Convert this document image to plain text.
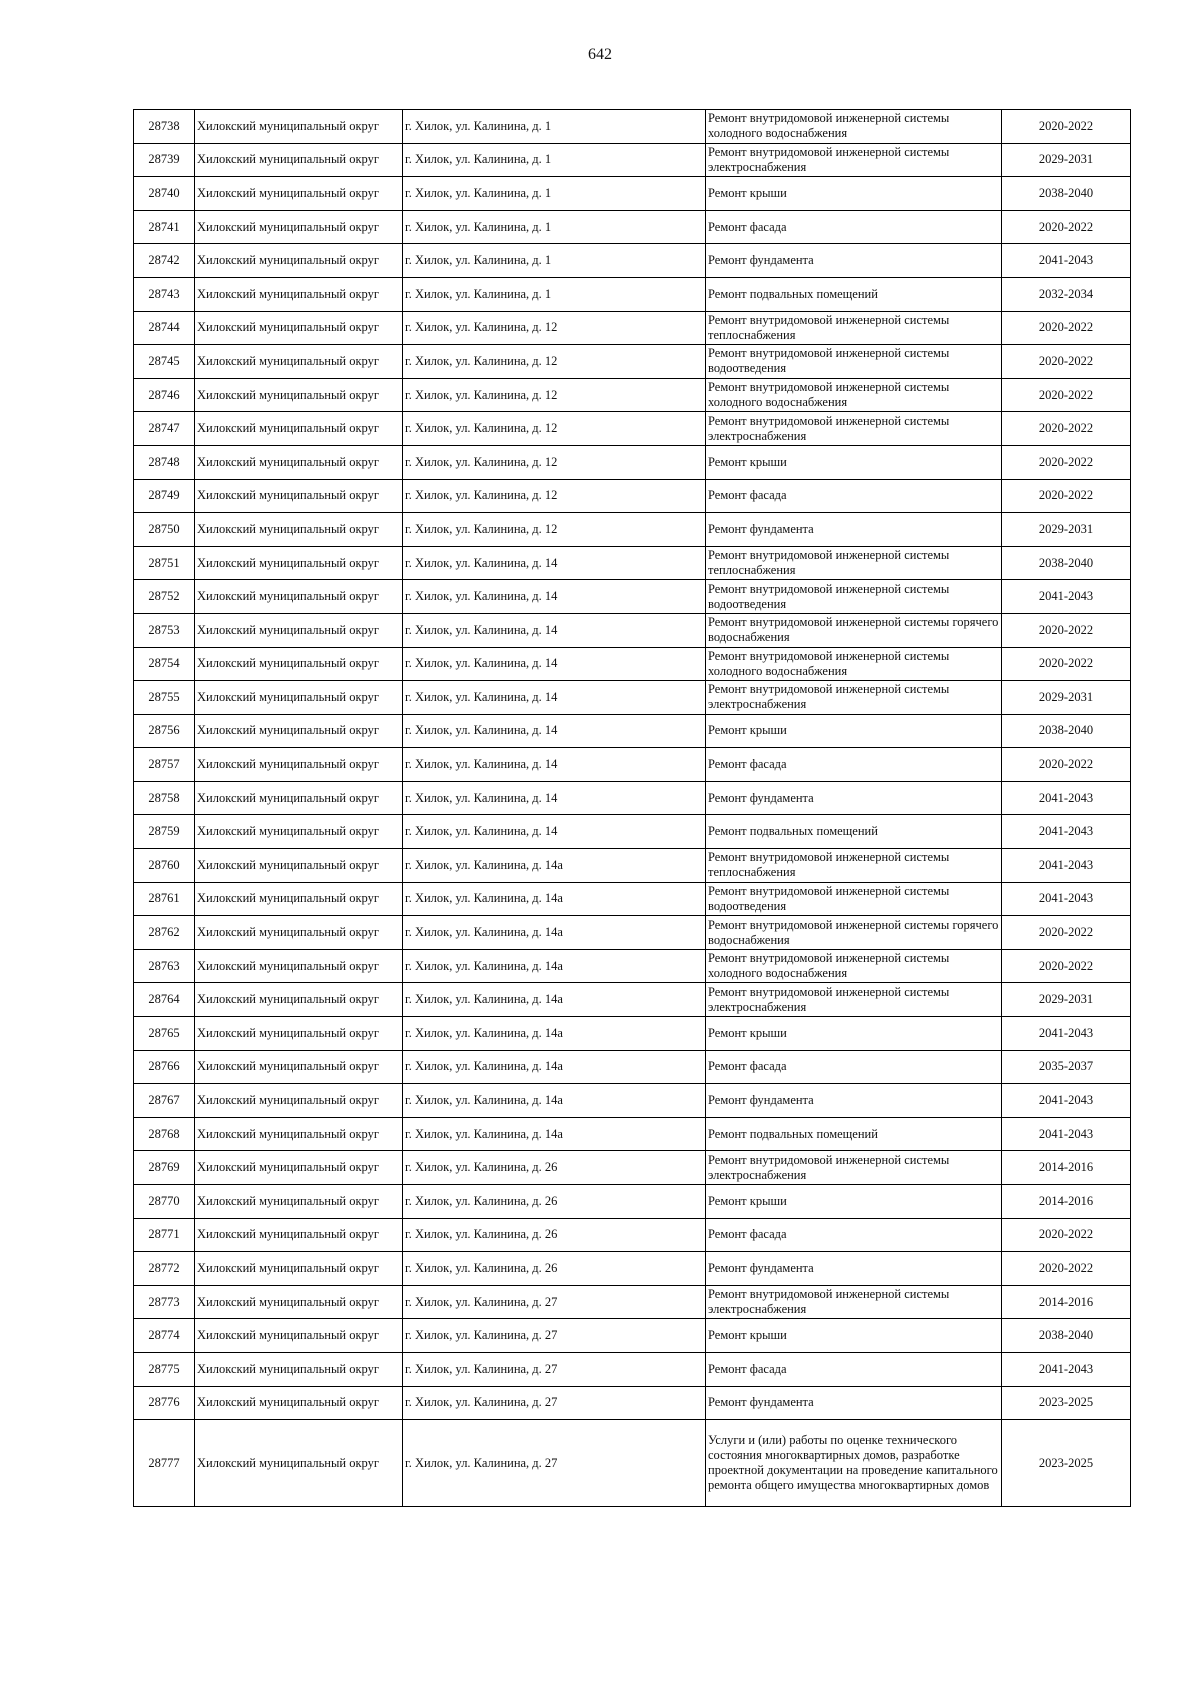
642
28738	Хилокский муниципальный округ	г. Хилок, ул. Калинина, д. 1	Ремонт внутридомовой инженерной системы холодного водоснабжения	2020-2022
28739	Хилокский муниципальный округ	г. Хилок, ул. Калинина, д. 1	Ремонт внутридомовой инженерной системы электроснабжения	2029-2031
28740	Хилокский муниципальный округ	г. Хилок, ул. Калинина, д. 1	Ремонт крыши	2038-2040
28741	Хилокский муниципальный округ	г. Хилок, ул. Калинина, д. 1	Ремонт фасада	2020-2022
28742	Хилокский муниципальный округ	г. Хилок, ул. Калинина, д. 1	Ремонт фундамента	2041-2043
28743	Хилокский муниципальный округ	г. Хилок, ул. Калинина, д. 1	Ремонт подвальных помещений	2032-2034
28744	Хилокский муниципальный округ	г. Хилок, ул. Калинина, д. 12	Ремонт внутридомовой инженерной системы теплоснабжения	2020-2022
28745	Хилокский муниципальный округ	г. Хилок, ул. Калинина, д. 12	Ремонт внутридомовой инженерной системы водоотведения	2020-2022
28746	Хилокский муниципальный округ	г. Хилок, ул. Калинина, д. 12	Ремонт внутридомовой инженерной системы холодного водоснабжения	2020-2022
28747	Хилокский муниципальный округ	г. Хилок, ул. Калинина, д. 12	Ремонт внутридомовой инженерной системы электроснабжения	2020-2022
28748	Хилокский муниципальный округ	г. Хилок, ул. Калинина, д. 12	Ремонт крыши	2020-2022
28749	Хилокский муниципальный округ	г. Хилок, ул. Калинина, д. 12	Ремонт фасада	2020-2022
28750	Хилокский муниципальный округ	г. Хилок, ул. Калинина, д. 12	Ремонт фундамента	2029-2031
28751	Хилокский муниципальный округ	г. Хилок, ул. Калинина, д. 14	Ремонт внутридомовой инженерной системы теплоснабжения	2038-2040
28752	Хилокский муниципальный округ	г. Хилок, ул. Калинина, д. 14	Ремонт внутридомовой инженерной системы водоотведения	2041-2043
28753	Хилокский муниципальный округ	г. Хилок, ул. Калинина, д. 14	Ремонт внутридомовой инженерной системы горячего водоснабжения	2020-2022
28754	Хилокский муниципальный округ	г. Хилок, ул. Калинина, д. 14	Ремонт внутридомовой инженерной системы холодного водоснабжения	2020-2022
28755	Хилокский муниципальный округ	г. Хилок, ул. Калинина, д. 14	Ремонт внутридомовой инженерной системы электроснабжения	2029-2031
28756	Хилокский муниципальный округ	г. Хилок, ул. Калинина, д. 14	Ремонт крыши	2038-2040
28757	Хилокский муниципальный округ	г. Хилок, ул. Калинина, д. 14	Ремонт фасада	2020-2022
28758	Хилокский муниципальный округ	г. Хилок, ул. Калинина, д. 14	Ремонт фундамента	2041-2043
28759	Хилокский муниципальный округ	г. Хилок, ул. Калинина, д. 14	Ремонт подвальных помещений	2041-2043
28760	Хилокский муниципальный округ	г. Хилок, ул. Калинина, д. 14а	Ремонт внутридомовой инженерной системы теплоснабжения	2041-2043
28761	Хилокский муниципальный округ	г. Хилок, ул. Калинина, д. 14а	Ремонт внутридомовой инженерной системы водоотведения	2041-2043
28762	Хилокский муниципальный округ	г. Хилок, ул. Калинина, д. 14а	Ремонт внутридомовой инженерной системы горячего водоснабжения	2020-2022
28763	Хилокский муниципальный округ	г. Хилок, ул. Калинина, д. 14а	Ремонт внутридомовой инженерной системы холодного водоснабжения	2020-2022
28764	Хилокский муниципальный округ	г. Хилок, ул. Калинина, д. 14а	Ремонт внутридомовой инженерной системы электроснабжения	2029-2031
28765	Хилокский муниципальный округ	г. Хилок, ул. Калинина, д. 14а	Ремонт крыши	2041-2043
28766	Хилокский муниципальный округ	г. Хилок, ул. Калинина, д. 14а	Ремонт фасада	2035-2037
28767	Хилокский муниципальный округ	г. Хилок, ул. Калинина, д. 14а	Ремонт фундамента	2041-2043
28768	Хилокский муниципальный округ	г. Хилок, ул. Калинина, д. 14а	Ремонт подвальных помещений	2041-2043
28769	Хилокский муниципальный округ	г. Хилок, ул. Калинина, д. 26	Ремонт внутридомовой инженерной системы электроснабжения	2014-2016
28770	Хилокский муниципальный округ	г. Хилок, ул. Калинина, д. 26	Ремонт крыши	2014-2016
28771	Хилокский муниципальный округ	г. Хилок, ул. Калинина, д. 26	Ремонт фасада	2020-2022
28772	Хилокский муниципальный округ	г. Хилок, ул. Калинина, д. 26	Ремонт фундамента	2020-2022
28773	Хилокский муниципальный округ	г. Хилок, ул. Калинина, д. 27	Ремонт внутридомовой инженерной системы электроснабжения	2014-2016
28774	Хилокский муниципальный округ	г. Хилок, ул. Калинина, д. 27	Ремонт крыши	2038-2040
28775	Хилокский муниципальный округ	г. Хилок, ул. Калинина, д. 27	Ремонт фасада	2041-2043
28776	Хилокский муниципальный округ	г. Хилок, ул. Калинина, д. 27	Ремонт фундамента	2023-2025
28777	Хилокский муниципальный округ	г. Хилок, ул. Калинина, д. 27	Услуги и (или) работы по оценке технического состояния многоквартирных домов, разработке проектной документации на проведение капитального ремонта общего имущества многоквартирных домов	2023-2025
